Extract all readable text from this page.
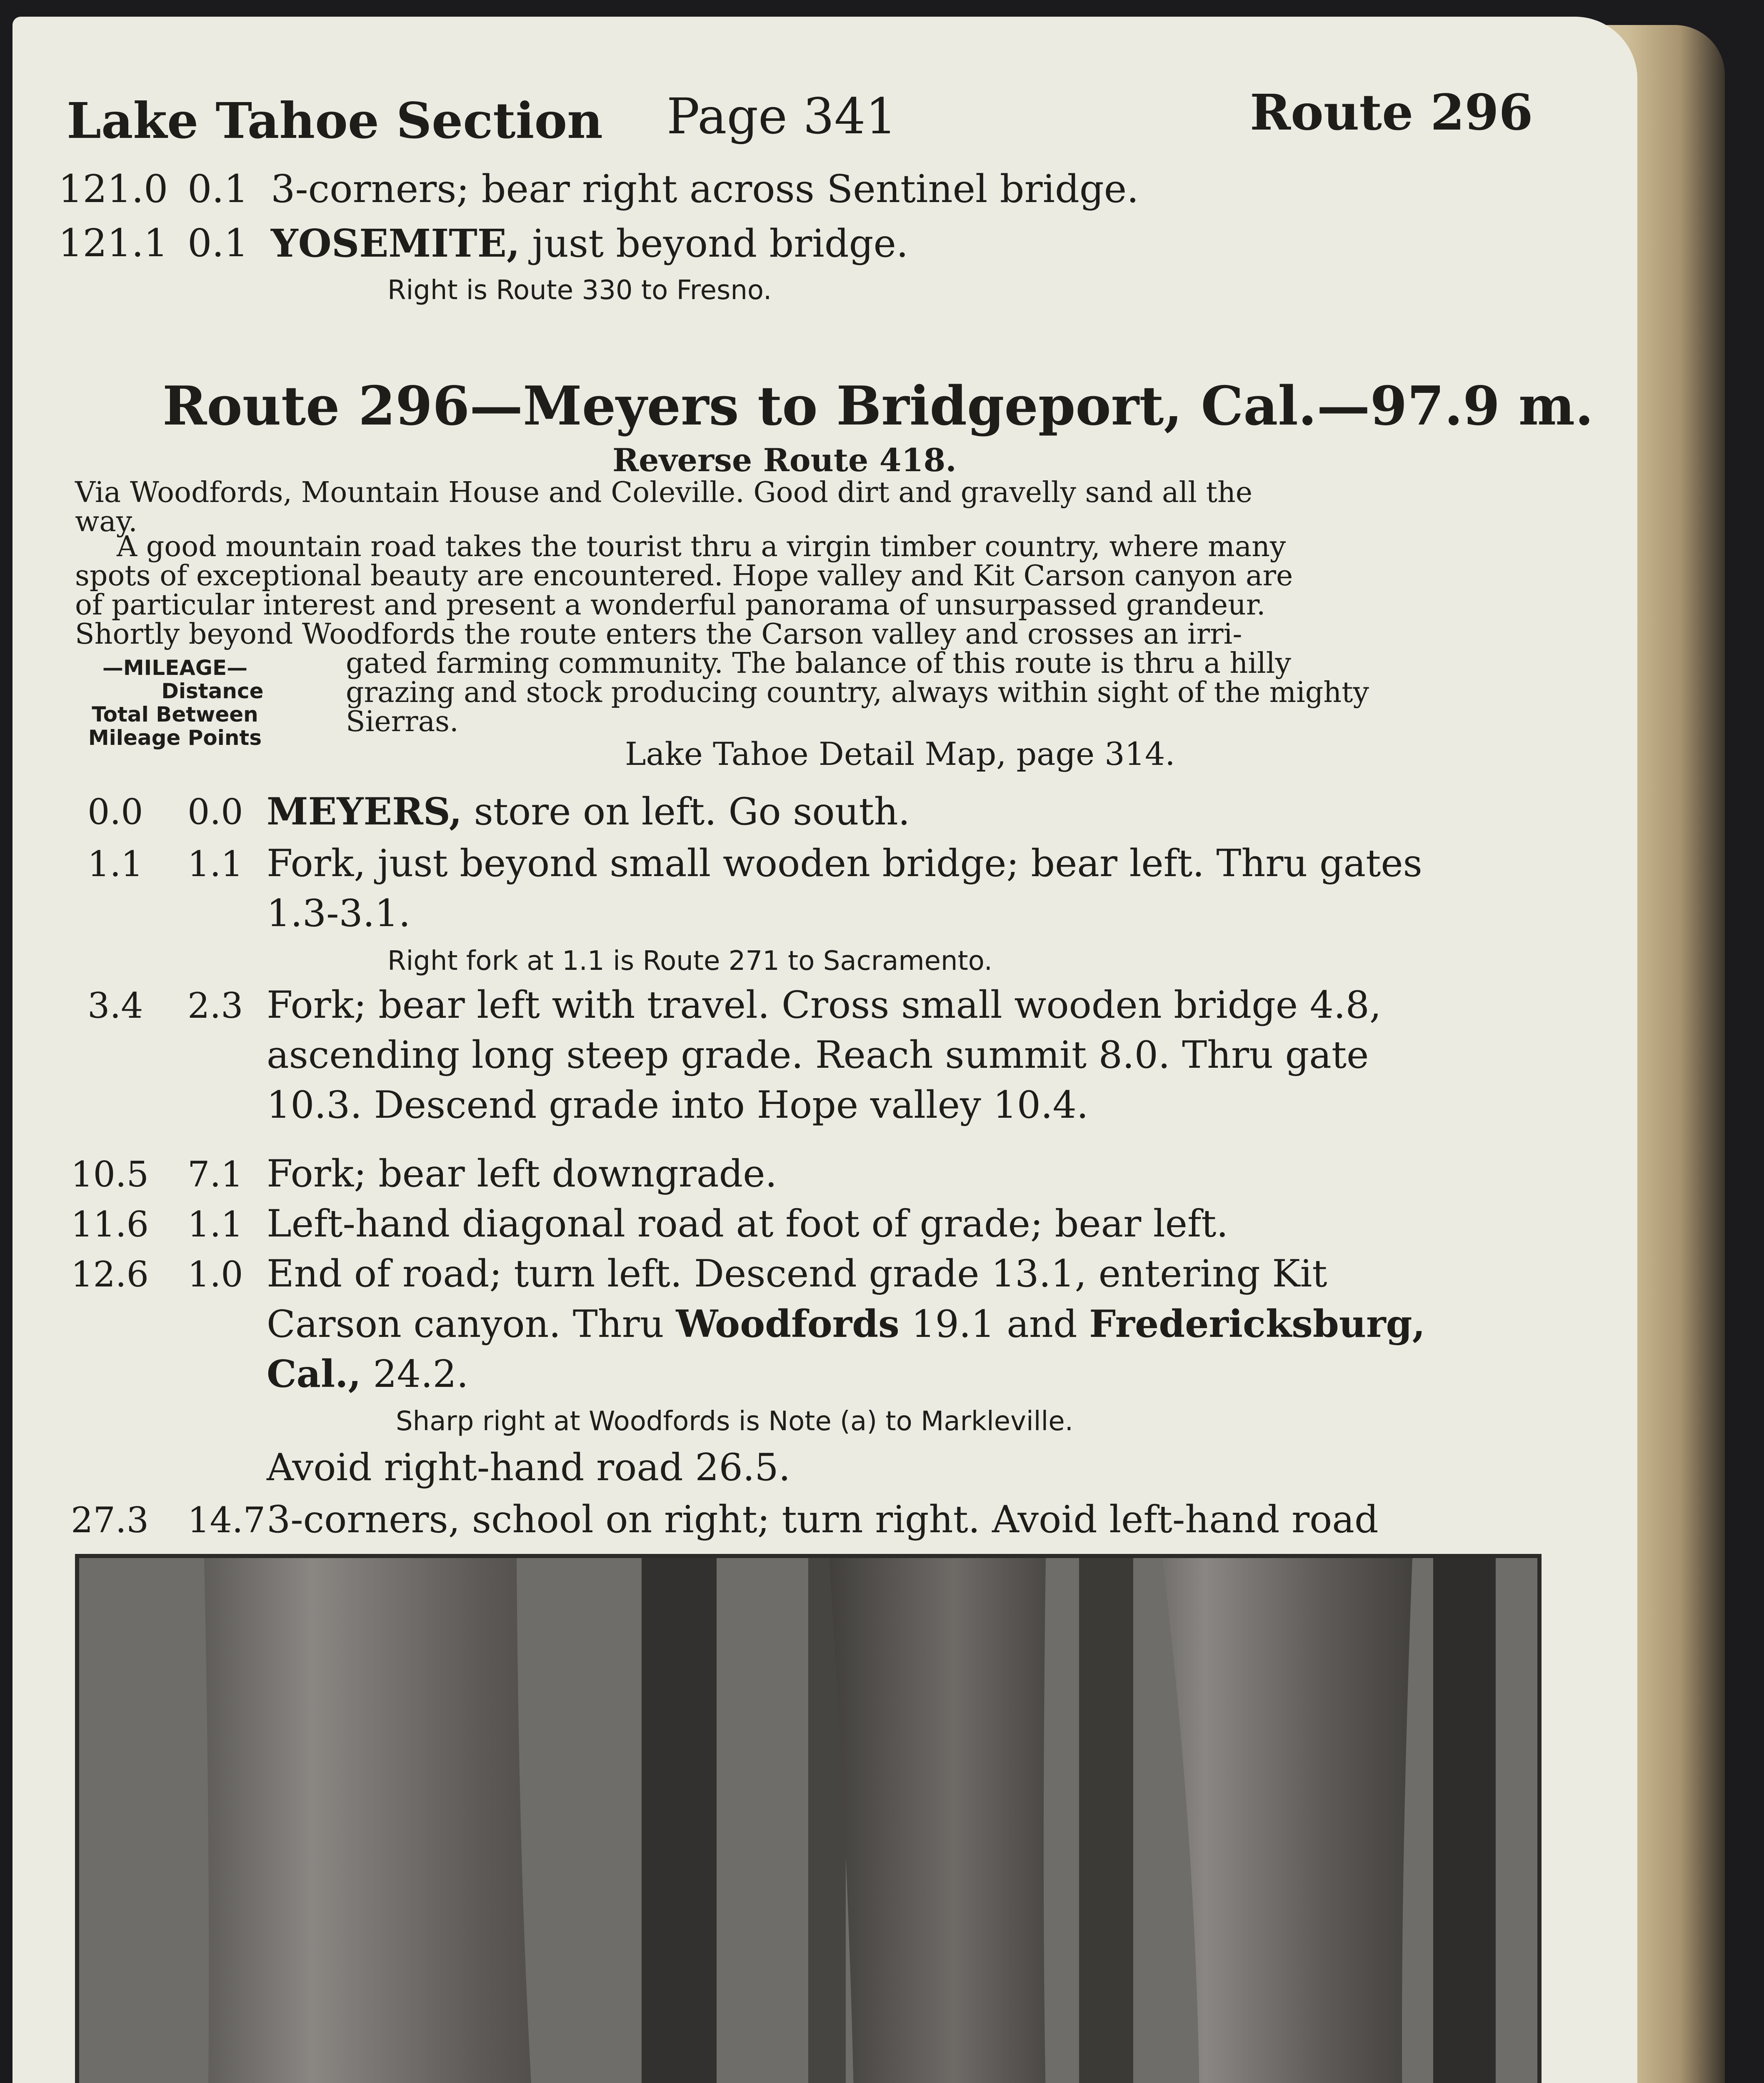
Lake Tahoe Section Page 341	Route 296
121.0 0.1 3-corners; bear right across Sentinel bridge.
121.1 0.1 YOSEMITE, just beyond bridge.
Right is Route 330 to Fresno.
Route 296—Meyers to Bridgeport, Cal.—97.9 m.
Reverse Route 418.
Via Woodfords, Mountain House and Coleville. Good dirt and gravelly sand all the
way.
A good mountain road takes the tourist thru a virgin timber country, where many
spots of exceptional beauty are encountered. Hope valley and Kit Carson canyon are
of particular interest and present a wonderful panorama of unsurpassed grandeur.
Shortly beyond Woodfords the route enters the Carson valley and crosses an irri-
gated farming community. The balance of this route is thru a hilly
grazing and stock producing country, always within sight of the mighty
Sierras.
—MILEAGE—
Distance
Total Between
Mileage Points	Lake Tahoe Detail Map, page 314.
0.0 0.0 MEYERS, store on left. Go south.
1.1 1.1 Fork, just beyond small wooden bridge; bear left. Thru gates
1.3-3.1.
Right fork at 1.1 is Route 271 to Sacramento.
3.4 2.3 Fork; bear left with travel. Cross small wooden bridge 4.8,
ascending long steep grade. Reach summit 8.0. Thru gate
10.3. Descend grade into Hope valley 10.4.
10.5 7.1 Fork; bear left downgrade.
11.6 1.1 Left-hand diagonal road at foot of grade; bear left.
12.6 1.0 End of road; turn left. Descend grade 13.1, entering Kit
Carson canyon. Thru Woodfords 19.1 and Fredericksburg,
Cal., 24.2.
Sharp right at Woodfords is Note (a) to Markleville.
Avoid right-hand road 26.5.
27.3 14.7 3-corners, school on right; turn right. Avoid left-hand road
